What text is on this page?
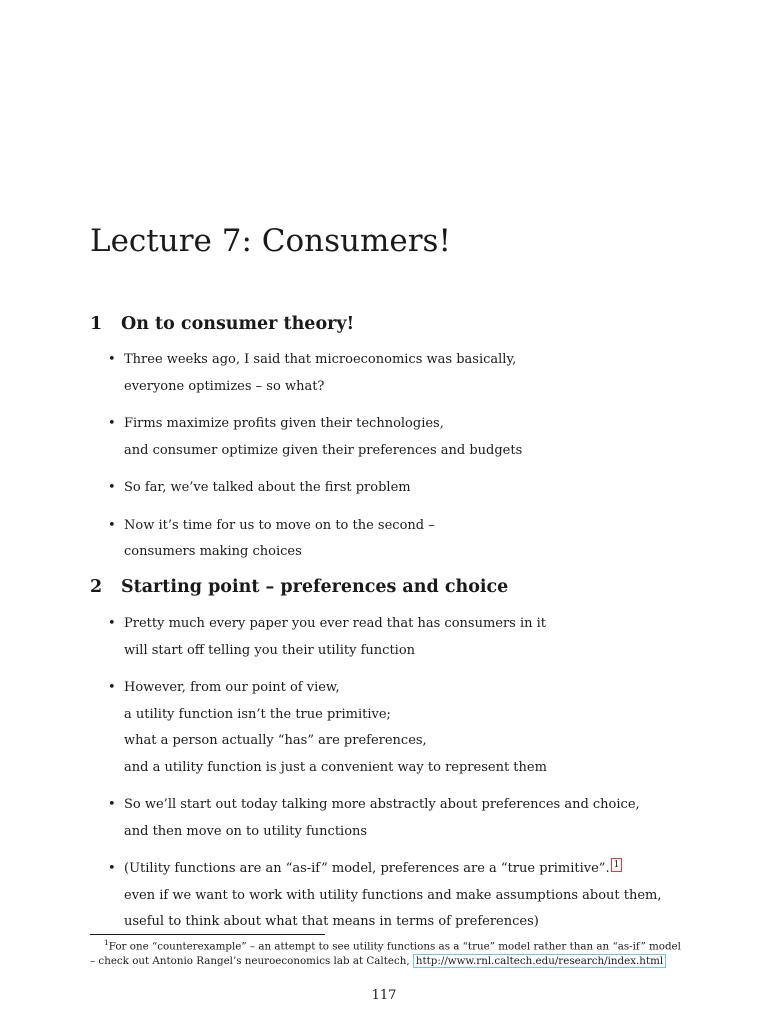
Lecture 7: Consumers!
1 On to consumer theory!
• Three weeks ago, I said that microeconomics was basically,
everyone optimizes – so what?
• Firms maximize profits given their technologies,
and consumer optimize given their preferences and budgets
• So far, we’ve talked about the first problem
• Now it’s time for us to move on to the second –
consumers making choices
2 Starting point – preferences and choice
• Pretty much every paper you ever read that has consumers in it
will start off telling you their utility function
• However, from our point of view,
a utility function isn’t the true primitive;
what a person actually “has” are preferences,
and a utility function is just a convenient way to represent them
• So we’ll start out today talking more abstractly about preferences and choice,
and then move on to utility functions
• (Utility functions are an “as-if” model, preferences are a “true primitive”. 1
even if we want to work with utility functions and make assumptions about them,
useful to think about what that means in terms of preferences)
$^1$For one “counterexample” – an attempt to see utility functions as a “true” model rather than an “as-if” model
– check out Antonio Rangel’s neuroeconomics lab at Caltech, http://www.rnl.caltech.edu/research/index.html
117
